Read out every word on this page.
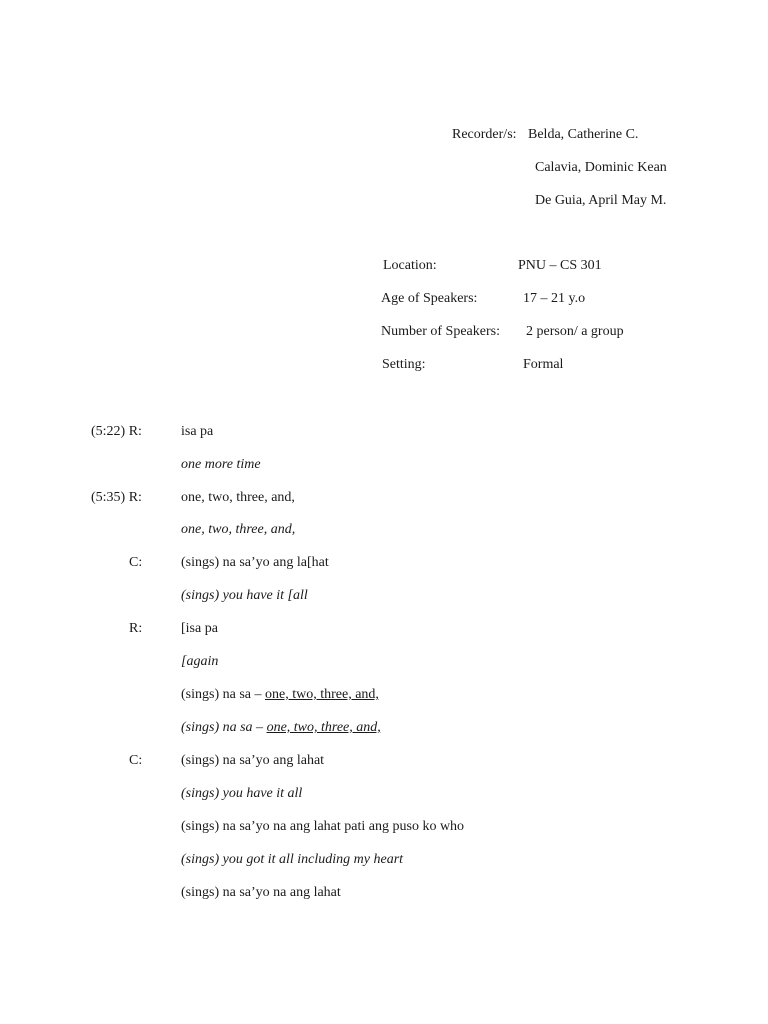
Recorder/s: Belda, Catherine C.
Calavia, Dominic Kean
De Guia, April May M.
Location:	PNU – CS 301
Age of Speakers:	17 – 21 y.o
Number of Speakers: 2 person/ a group
Setting:	Formal
(5:22) R:	isa pa
one more time
(5:35) R:	one, two, three, and,
one, two, three, and,
C:	(sings) na sa’yo ang la[hat
(sings) you have it [all
R:	[isa pa
[again
(sings) na sa – one, two, three, and,
(sings) na sa – one, two, three, and,
C:	(sings) na sa’yo ang lahat
(sings) you have it all
(sings) na sa’yo na ang lahat pati ang puso ko who
(sings) you got it all including my heart
(sings) na sa’yo na ang lahat
